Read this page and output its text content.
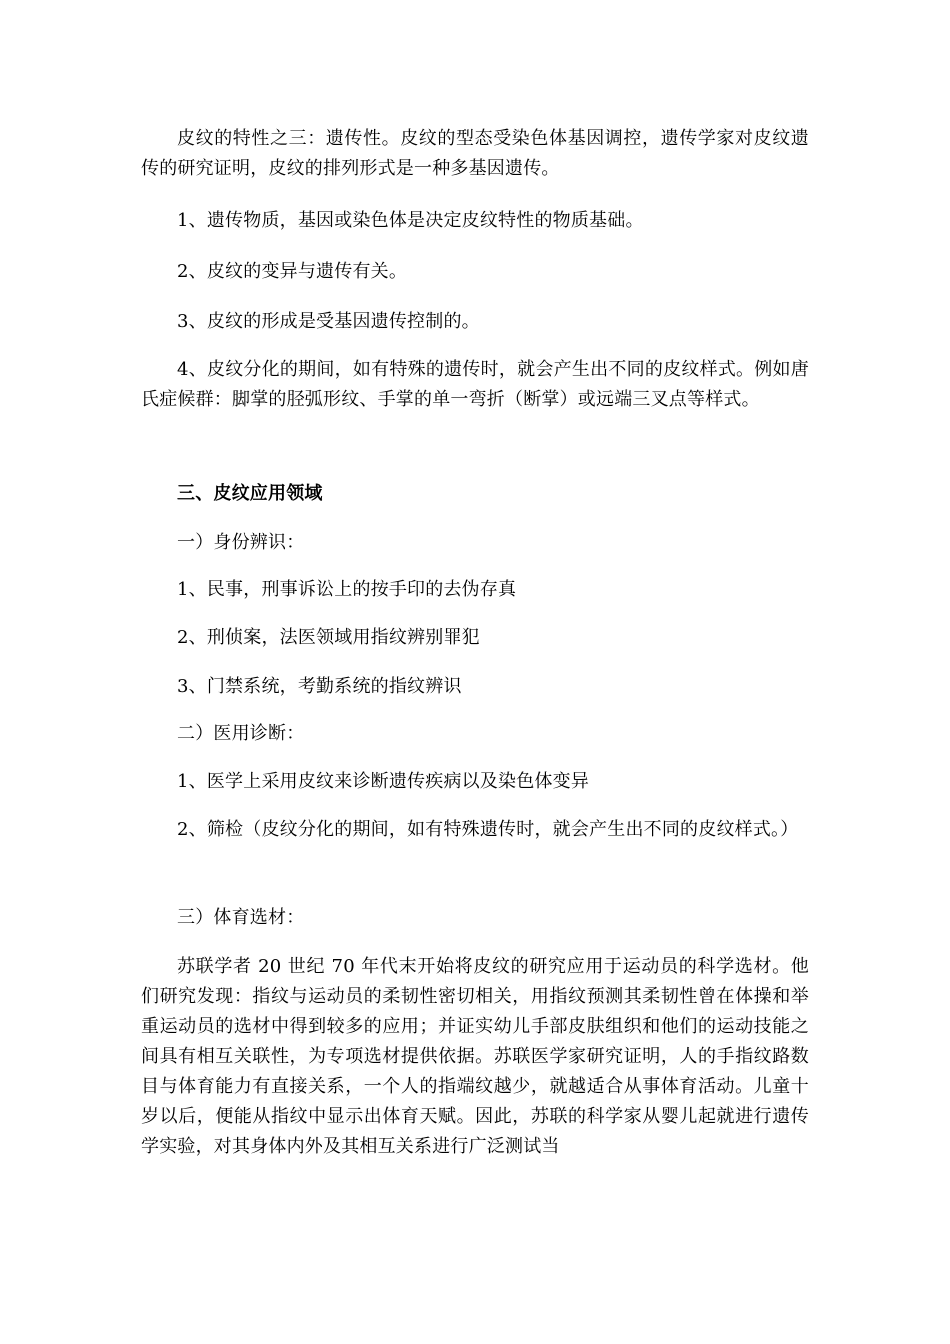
皮纹的特性之三：遗传性。皮纹的型态受染色体基因调控，遗传学家对皮纹遗传的研究证明，皮纹的排列形式是一种多基因遗传。

1、遗传物质，基因或染色体是决定皮纹特性的物质基础。

2、皮纹的变异与遗传有关。

3、皮纹的形成是受基因遗传控制的。

4、皮纹分化的期间，如有特殊的遗传时，就会产生出不同的皮纹样式。例如唐氏症候群：脚掌的胫弧形纹、手掌的单一弯折（断掌）或远端三叉点等样式。

三、皮纹应用领域

一）身份辨识：

1、民事，刑事诉讼上的按手印的去伪存真

2、刑侦案，法医领域用指纹辨别罪犯

3、门禁系统，考勤系统的指纹辨识

二）医用诊断：

1、医学上采用皮纹来诊断遗传疾病以及染色体变异

2、筛检（皮纹分化的期间，如有特殊遗传时，就会产生出不同的皮纹样式。）

三）体育选材：

苏联学者 20 世纪 70 年代末开始将皮纹的研究应用于运动员的科学选材。他们研究发现：指纹与运动员的柔韧性密切相关，用指纹预测其柔韧性曾在体操和举重运动员的选材中得到较多的应用；并证实幼儿手部皮肤组织和他们的运动技能之间具有相互关联性，为专项选材提供依据。苏联医学家研究证明，人的手指纹路数目与体育能力有直接关系，一个人的指端纹越少，就越适合从事体育活动。儿童十岁以后，便能从指纹中显示出体育天赋。因此，苏联的科学家从婴儿起就进行遗传学实验，对其身体内外及其相互关系进行广泛测试当
